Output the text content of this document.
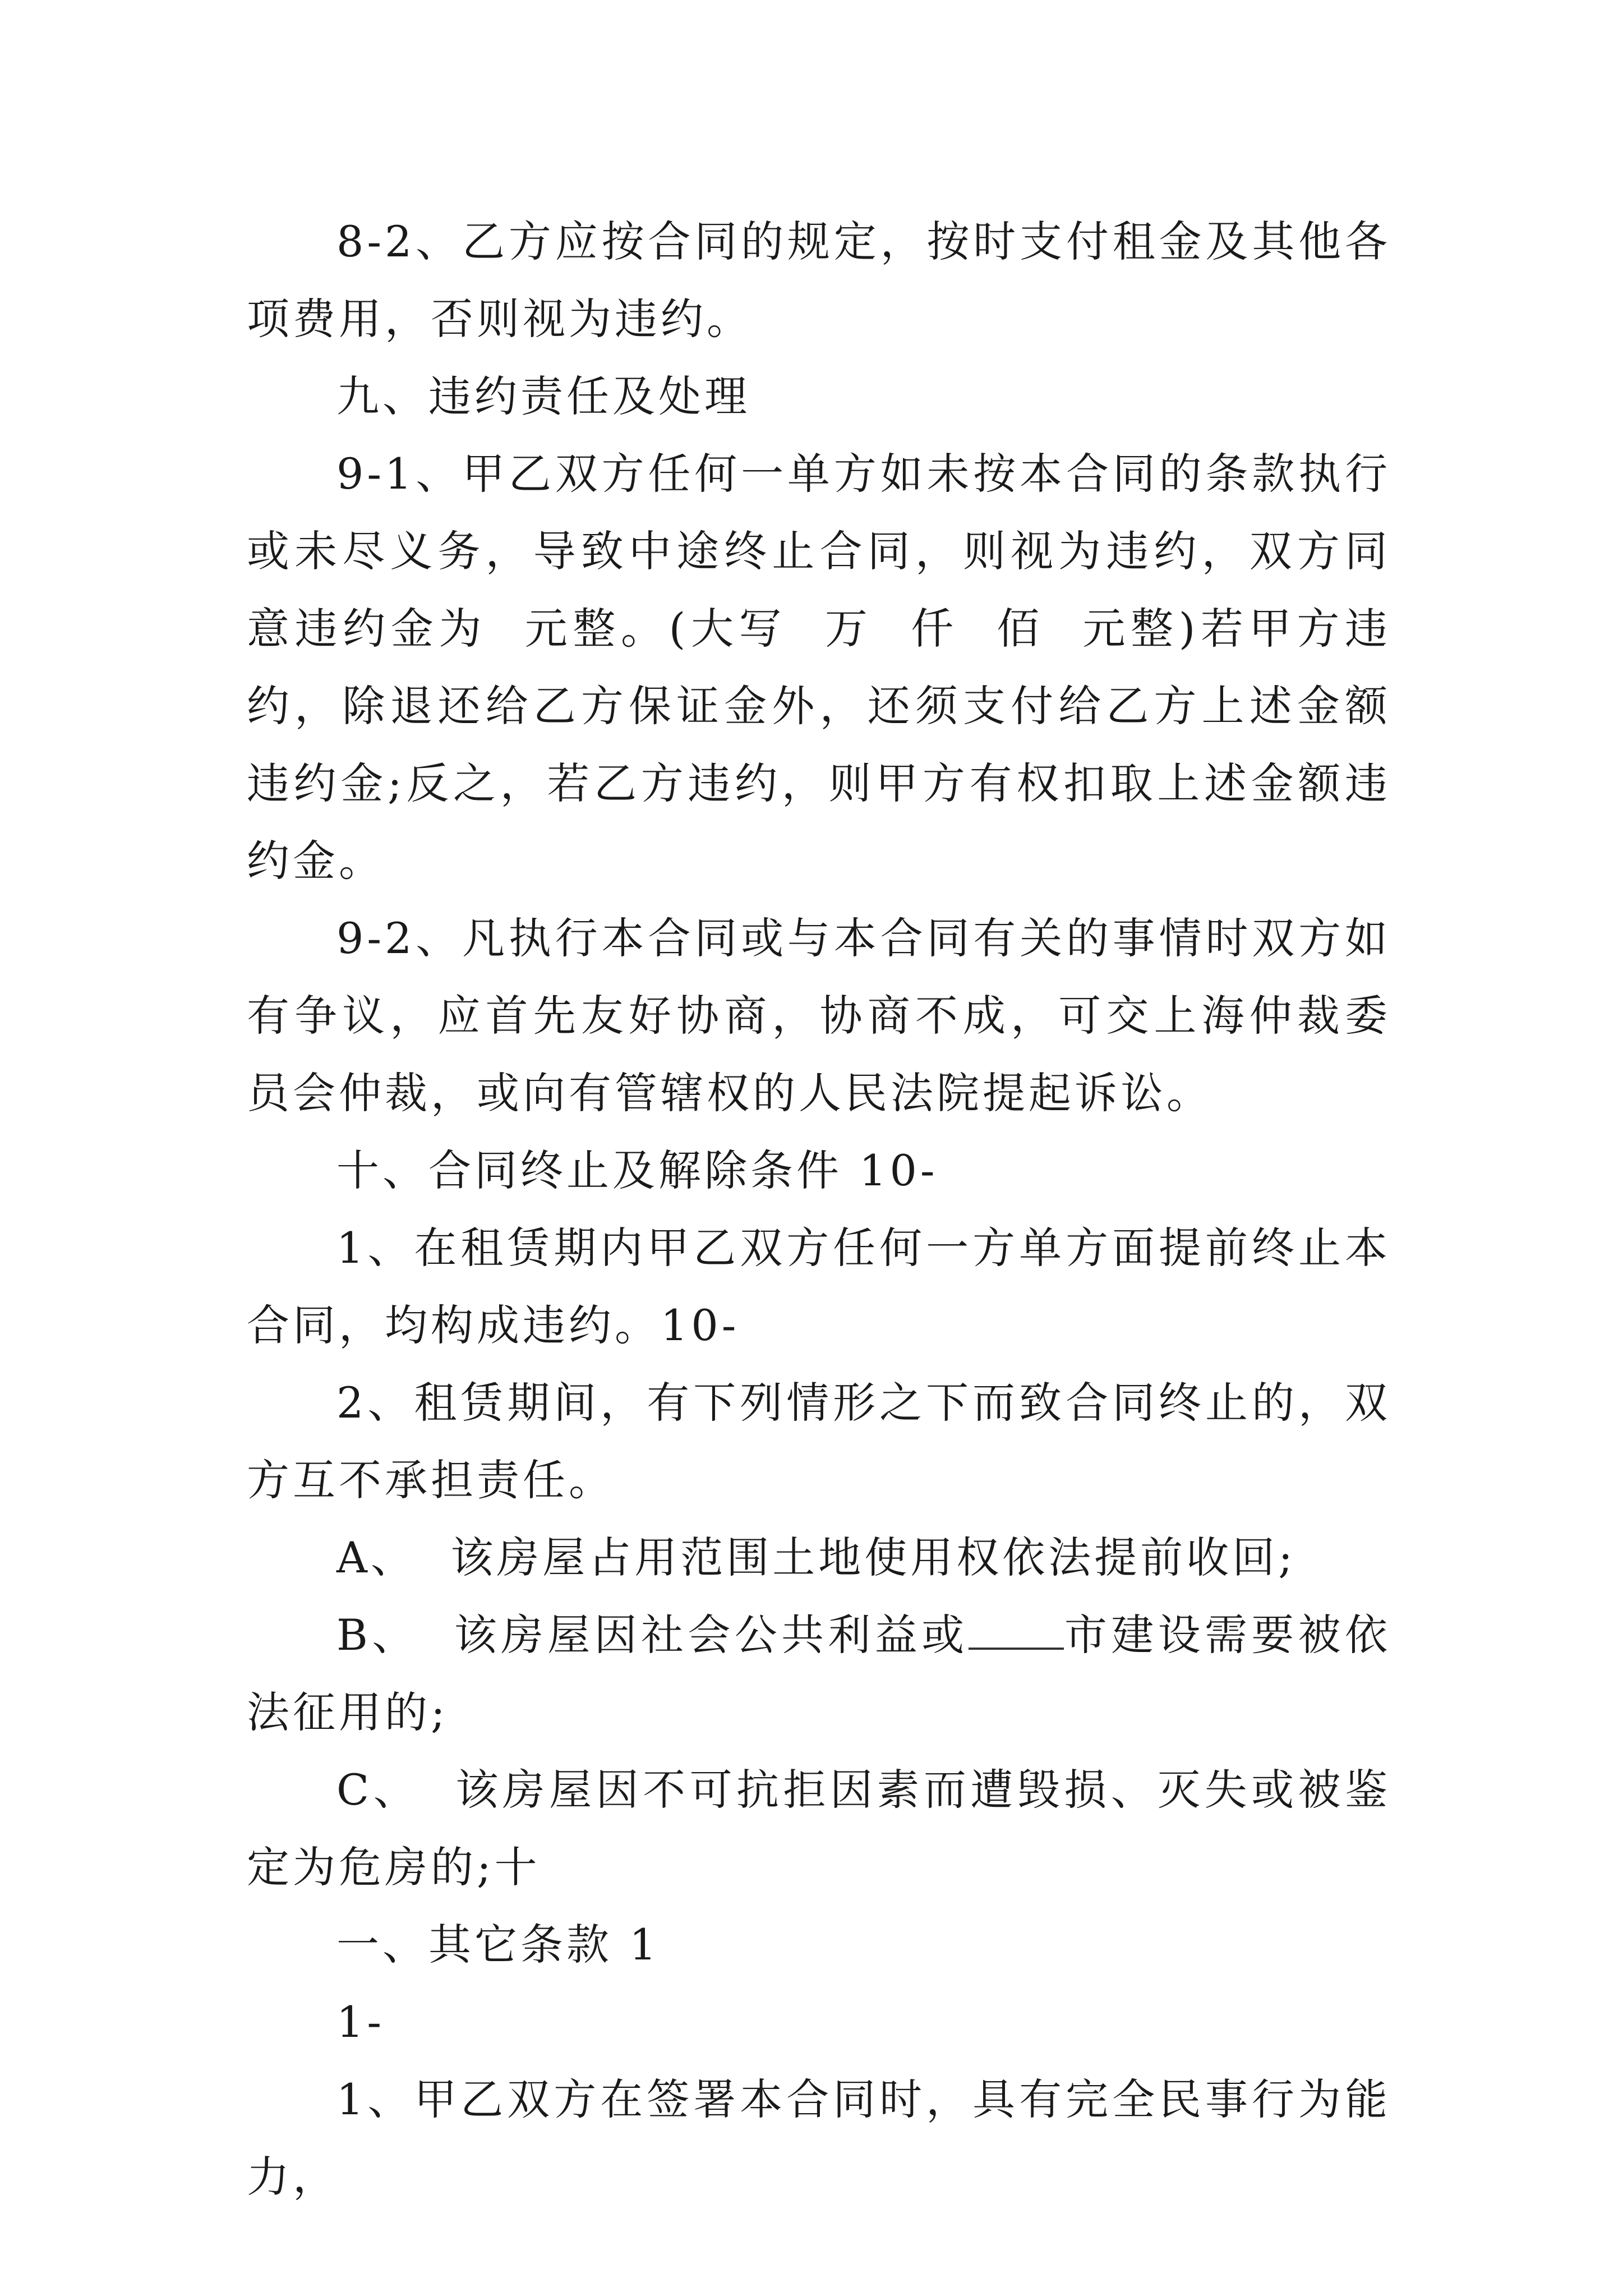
8-2、乙方应按合同的规定，按时支付租金及其他各项费用，否则视为违约。

九、违约责任及处理

9-1、甲乙双方任何一单方如未按本合同的条款执行或未尽义务，导致中途终止合同，则视为违约，双方同意违约金为  元整。(大写  万  仟  佰  元整)若甲方违约，除退还给乙方保证金外，还须支付给乙方上述金额违约金;反之，若乙方违约，则甲方有权扣取上述金额违约金。

9-2、凡执行本合同或与本合同有关的事情时双方如有争议，应首先友好协商，协商不成，可交上海仲裁委员会仲裁，或向有管辖权的人民法院提起诉讼。

十、合同终止及解除条件 10-

1、在租赁期内甲乙双方任何一方单方面提前终止本合同，均构成违约。10-

2、租赁期间，有下列情形之下而致合同终止的，双方互不承担责任。

A、  该房屋占用范围土地使用权依法提前收回;

B、  该房屋因社会公共利益或 市建设需要被依法征用的;

C、  该房屋因不可抗拒因素而遭毁损、灭失或被鉴定为危房的;十

一、其它条款 1

1-

1、甲乙双方在签署本合同时，具有完全民事行为能力，
